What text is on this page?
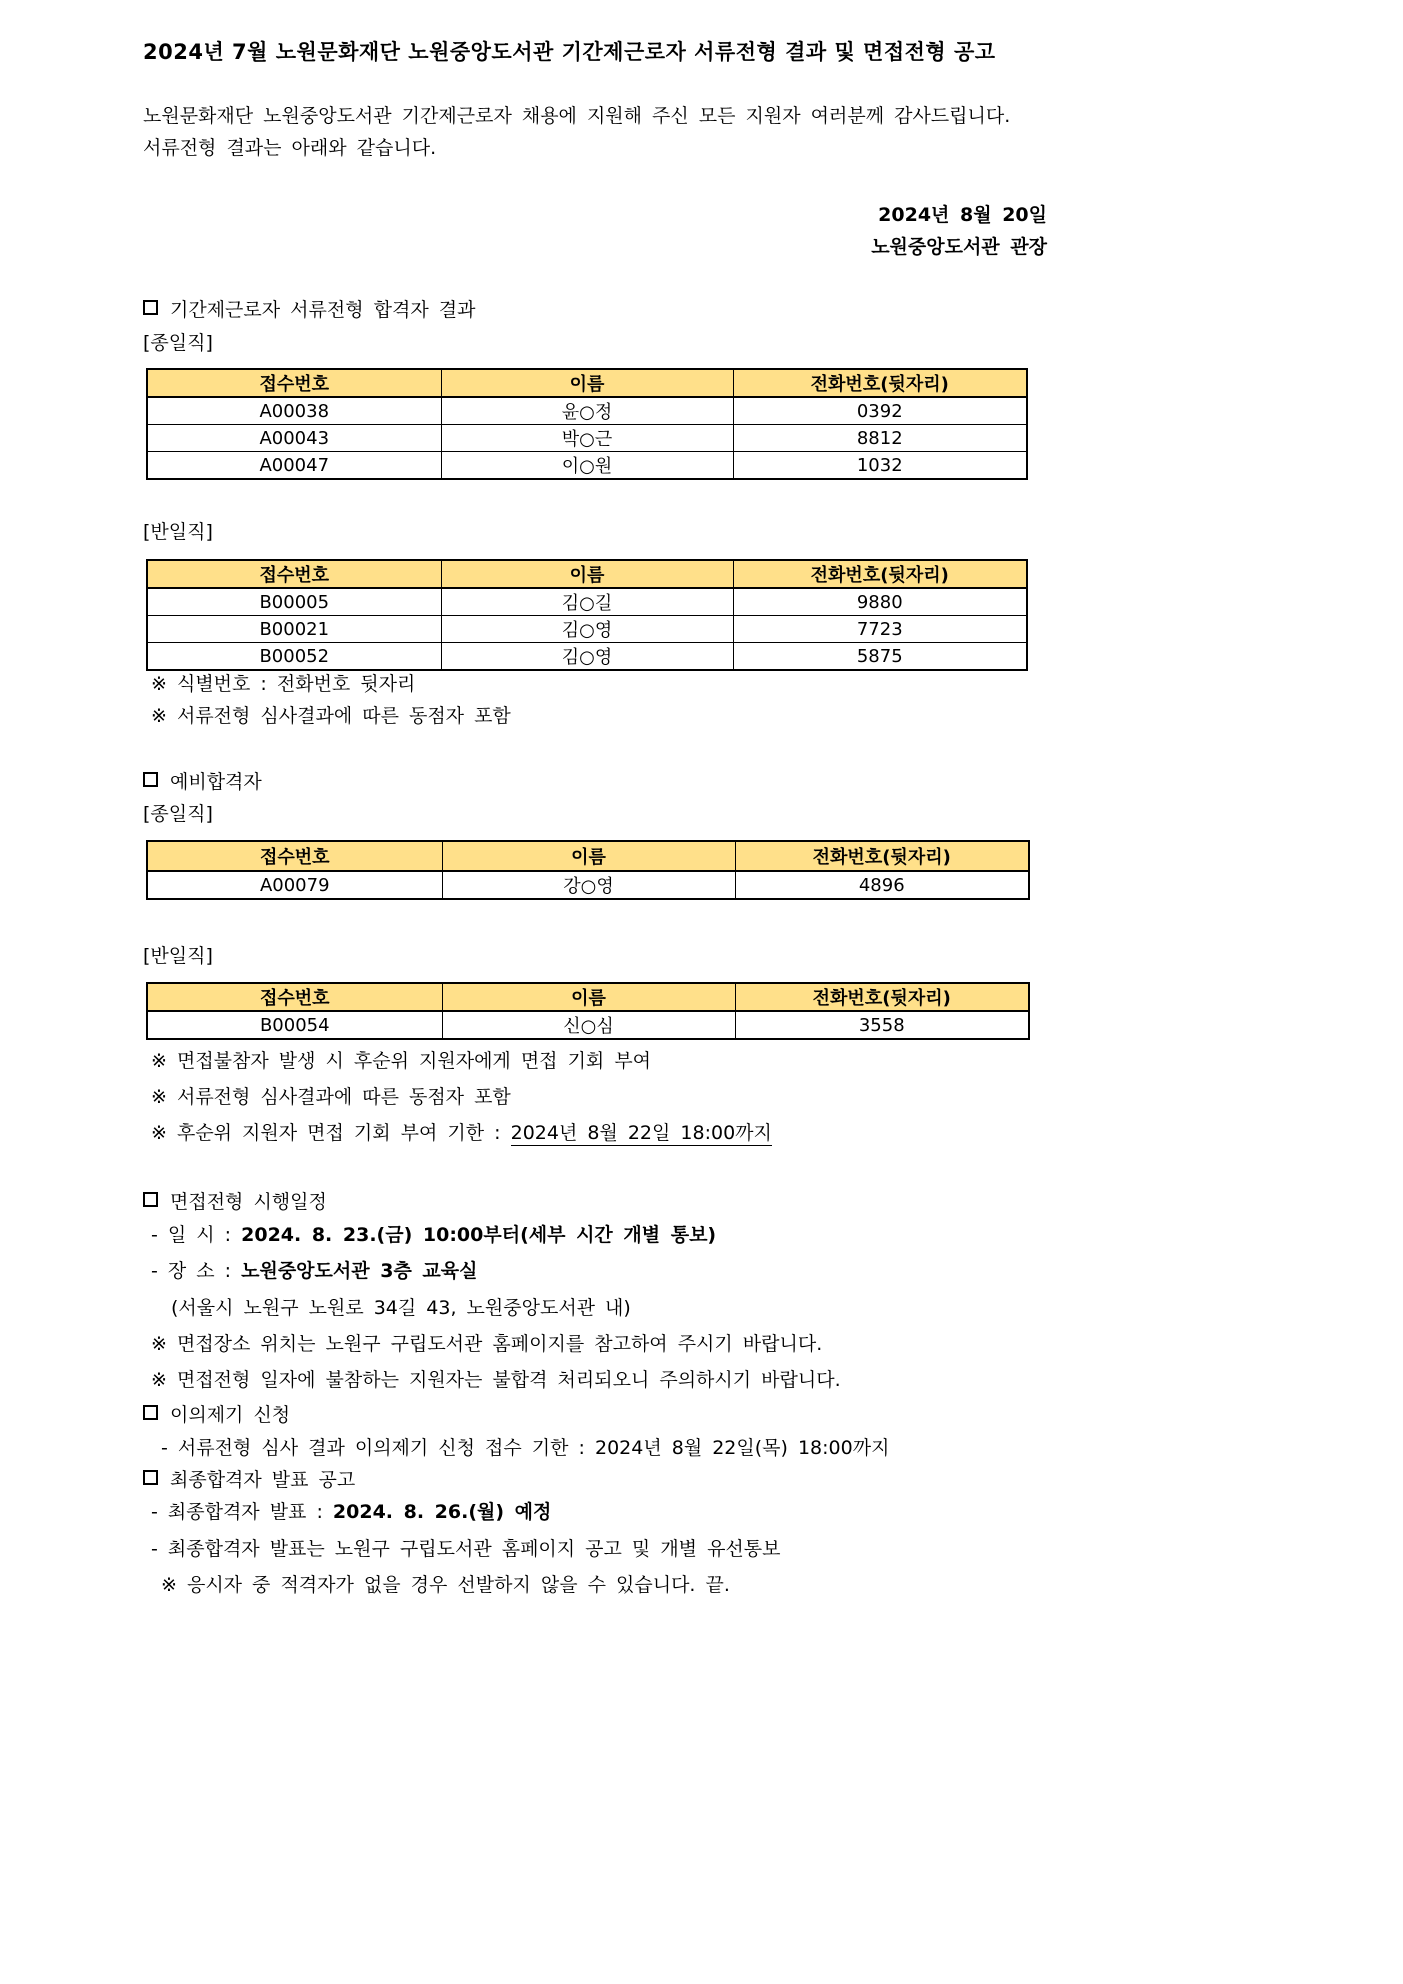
2024년 7월 노원문화재단 노원중앙도서관 기간제근로자 서류전형 결과 및 면접전형 공고
노원문화재단 노원중앙도서관 기간제근로자 채용에 지원해 주신 모든 지원자 여러분께 감사드립니다.
서류전형 결과는 아래와 같습니다.
2024년 8월 20일
노원중앙도서관 관장
기간제근로자 서류전형 합격자 결과
[종일직]
접수번호	이름	전화번호(뒷자리)
A00038	윤○정	0392
A00043	박○근	8812
A00047	이○원	1032
[반일직]
접수번호	이름	전화번호(뒷자리)
B00005	김○길	9880
B00021	김○영	7723
B00052	김○영	5875
※ 식별번호 : 전화번호 뒷자리
※ 서류전형 심사결과에 따른 동점자 포함
예비합격자
[종일직]
접수번호	이름	전화번호(뒷자리)
A00079	강○영	4896
[반일직]
접수번호	이름	전화번호(뒷자리)
B00054	신○심	3558
※ 면접불참자 발생 시 후순위 지원자에게 면접 기회 부여
※ 서류전형 심사결과에 따른 동점자 포함
※ 후순위 지원자 면접 기회 부여 기한 : 2024년 8월 22일 18:00까지
면접전형 시행일정
- 일 시 : 2024. 8. 23.(금) 10:00부터(세부 시간 개별 통보)
- 장 소 : 노원중앙도서관 3층 교육실
(서울시 노원구 노원로 34길 43, 노원중앙도서관 내)
※ 면접장소 위치는 노원구 구립도서관 홈페이지를 참고하여 주시기 바랍니다.
※ 면접전형 일자에 불참하는 지원자는 불합격 처리되오니 주의하시기 바랍니다.
이의제기 신청
- 서류전형 심사 결과 이의제기 신청 접수 기한 : 2024년 8월 22일(목) 18:00까지
최종합격자 발표 공고
- 최종합격자 발표 : 2024. 8. 26.(월) 예정
- 최종합격자 발표는 노원구 구립도서관 홈페이지 공고 및 개별 유선통보
※ 응시자 중 적격자가 없을 경우 선발하지 않을 수 있습니다. 끝.
